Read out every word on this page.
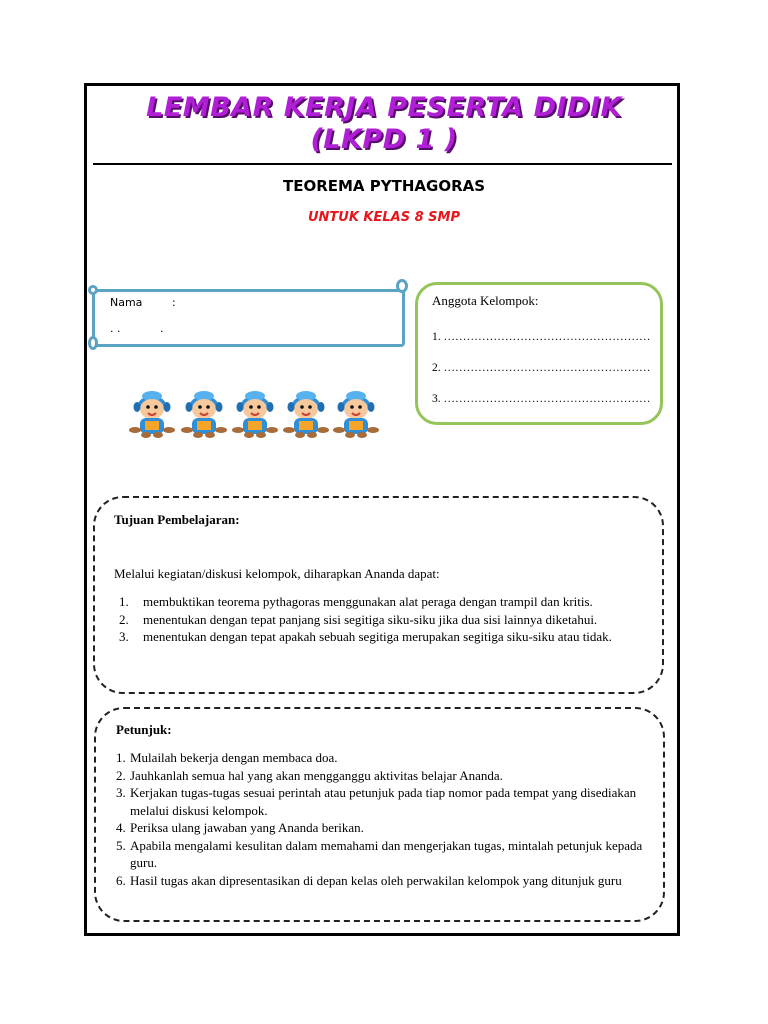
LEMBAR KERJA PESERTA DIDIK
(LKPD 1 )
TEOREMA PYTHAGORAS
UNTUK KELAS 8 SMP
Nama	:
. .	.
Anggota Kelompok:
1. ………………………………………………
2. ………………………………………………
3. ………………………………………………
Tujuan Pembelajaran:
Melalui kegiatan/diskusi kelompok, diharapkan Ananda dapat:
1. membuktikan teorema pythagoras menggunakan alat peraga dengan trampil dan kritis.
2. menentukan dengan tepat panjang sisi segitiga siku-siku jika dua sisi lainnya diketahui.
3. menentukan dengan tepat apakah sebuah segitiga merupakan segitiga siku-siku atau tidak.
Petunjuk:
1. Mulailah bekerja dengan membaca doa.
2. Jauhkanlah semua hal yang akan mengganggu aktivitas belajar Ananda.
3. Kerjakan tugas-tugas sesuai perintah atau petunjuk pada tiap nomor pada tempat yang disediakan melalui diskusi kelompok.
4. Periksa ulang jawaban yang Ananda berikan.
5. Apabila mengalami kesulitan dalam memahami dan mengerjakan tugas, mintalah petunjuk kepada guru.
6. Hasil tugas akan dipresentasikan di depan kelas oleh perwakilan kelompok yang ditunjuk guru
